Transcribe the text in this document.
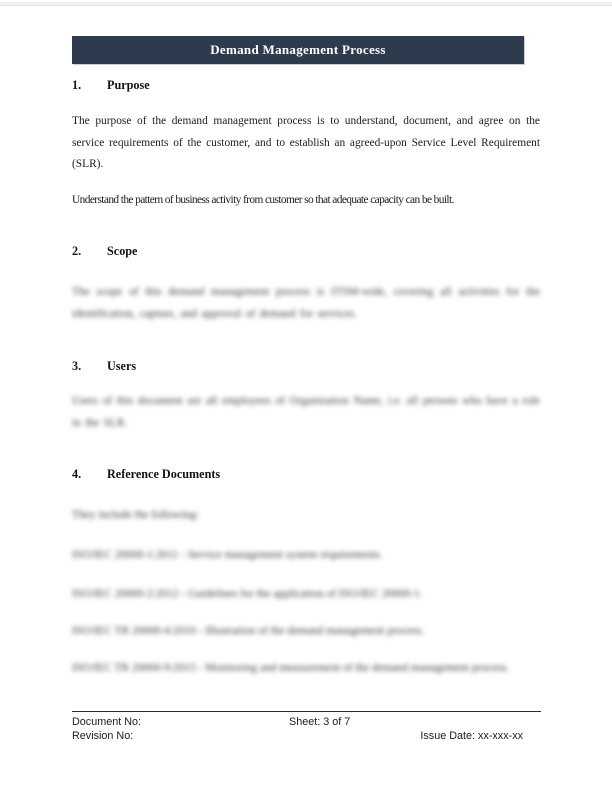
Demand Management Process
1.	Purpose
The purpose of the demand management process is to understand, document, and agree on the service requirements of the customer, and to establish an agreed-upon Service Level Requirement (SLR).
Understand the pattern of business activity from customer so that adequate capacity can be built.
2.	Scope
The scope of this demand management process is ITSM-wide, covering all activities for the identification, capture, and approval of demand for services.
3.	Users
Users of this document are all employees of Organization Name, i.e. all persons who have a role in the SLR.
4.	Reference Documents
They include the following:
ISO/IEC 20000-1:2011 - Service management system requirements.
ISO/IEC 20000-2:2012 - Guidelines for the application of ISO/IEC 20000-1.
ISO/IEC TR 20000-4:2010 - Illustration of the demand management process.
ISO/IEC TR 20000-9:2015 - Monitoring and measurement of the demand management process.
Document No:	Sheet: 3 of 7
Revision No:	Issue Date: xx-xxx-xx
